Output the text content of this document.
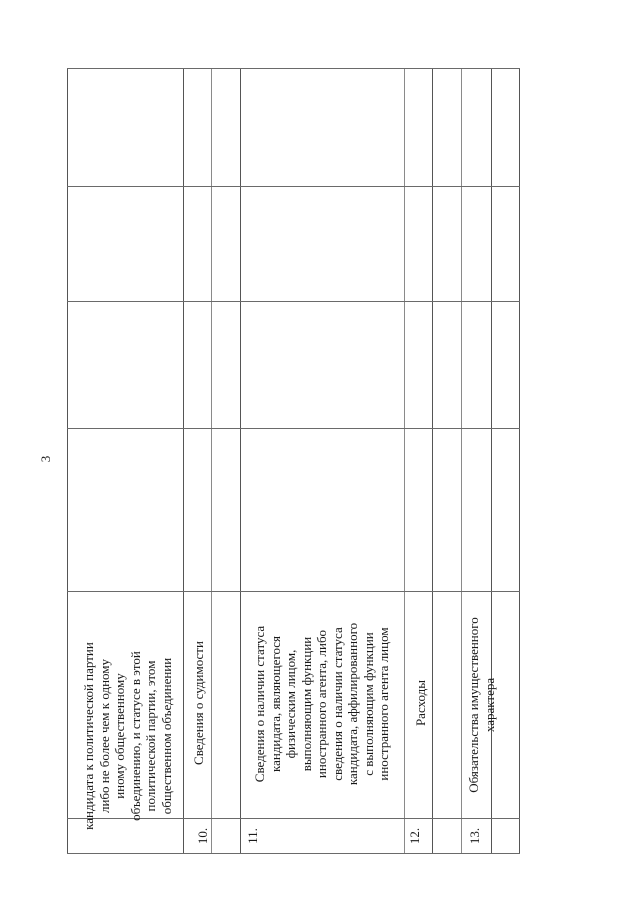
3
кандидата к политической партии либо не более чем к одному иному общественному объединению, и статусе в этой политической партии, этом общественном объединении
10.
Сведения о судимости
11.
Сведения о наличии статуса кандидата, являющегося физическим лицом, выполняющим функции иностранного агента, либо сведения о наличии статуса кандидата, аффилированного с выполняющим функции иностранного агента лицом
12.
Расходы
13.
Обязательства имущественного характера
